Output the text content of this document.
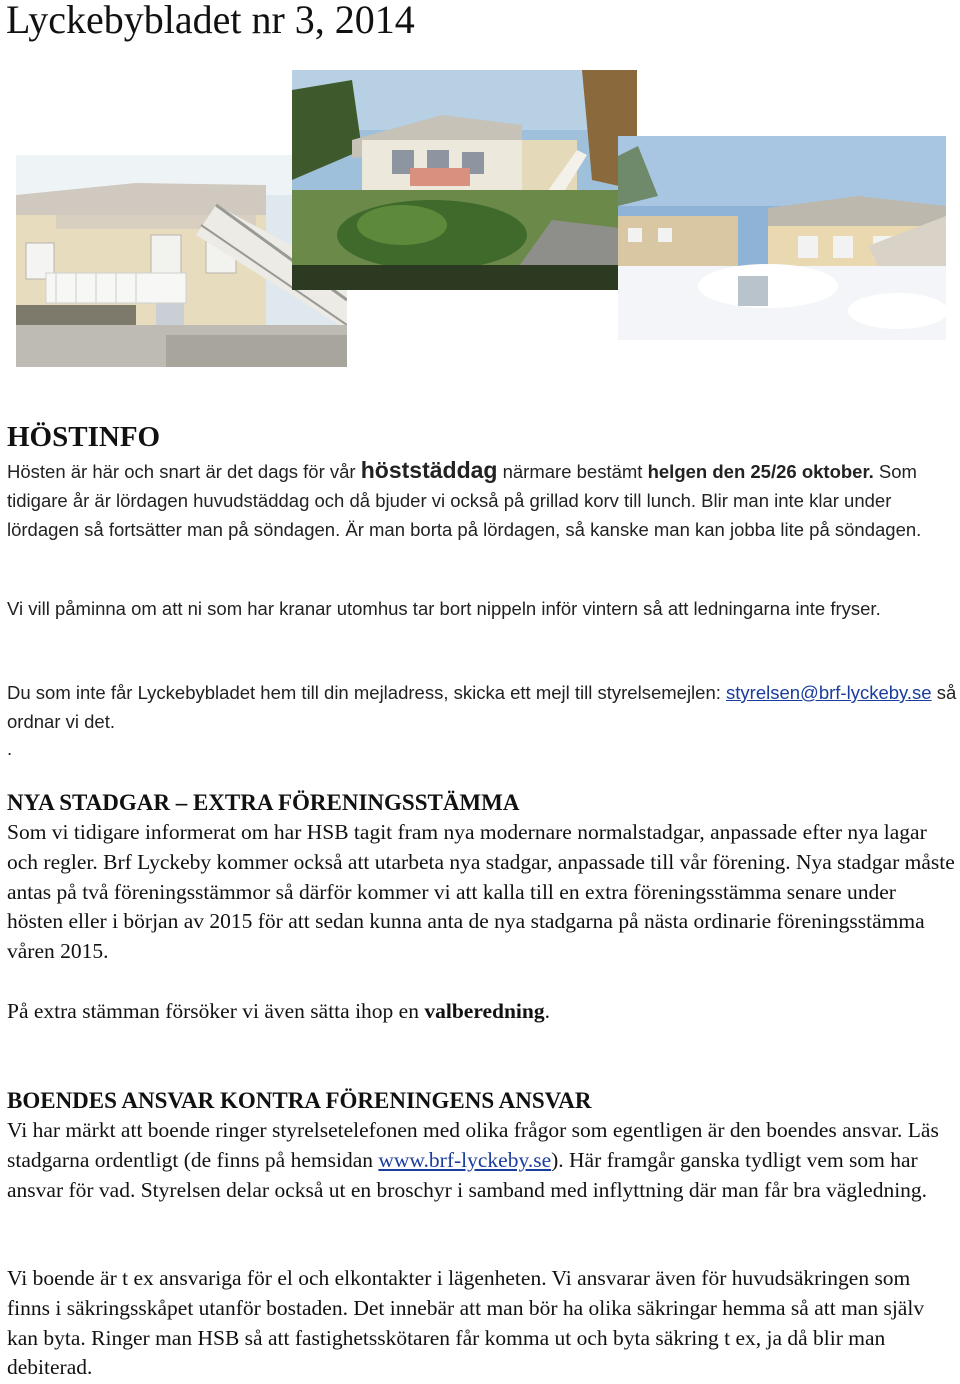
Lyckebybladet nr 3, 2014
HÖSTINFO

Hösten är här och snart är det dags för vår höststäddag närmare bestämt helgen den 25/26 oktober. Som tidigare år är lördagen huvudstäddag och då bjuder vi också på grillad korv till lunch. Blir man inte klar under lördagen så fortsätter man på söndagen. Är man borta på lördagen, så kanske man kan jobba lite på söndagen.

Vi vill påminna om att ni som har kranar utomhus tar bort nippeln inför vintern så att ledningarna inte fryser.

Du som inte får Lyckebybladet hem till din mejladress, skicka ett mejl till styrelsemejlen: styrelsen@brf-lyckeby.se så ordnar vi det.

.

NYA STADGAR – EXTRA FÖRENINGSSTÄMMA

Som vi tidigare informerat om har HSB tagit fram nya modernare normalstadgar, anpassade efter nya lagar och regler. Brf Lyckeby kommer också att utarbeta nya stadgar, anpassade till vår förening. Nya stadgar måste antas på två föreningsstämmor så därför kommer vi att kalla till en extra föreningsstämma senare under hösten eller i början av 2015 för att sedan kunna anta de nya stadgarna på nästa ordinarie föreningsstämma våren 2015.

På extra stämman försöker vi även sätta ihop en valberedning.

BOENDES ANSVAR KONTRA FÖRENINGENS ANSVAR

Vi har märkt att boende ringer styrelsetelefonen med olika frågor som egentligen är den boendes ansvar. Läs stadgarna ordentligt (de finns på hemsidan www.brf-lyckeby.se). Här framgår ganska tydligt vem som har ansvar för vad. Styrelsen delar också ut en broschyr i samband med inflyttning där man får bra vägledning.

Vi boende är t ex ansvariga för el och elkontakter i lägenheten. Vi ansvarar även för huvudsäkringen som finns i säkringsskåpet utanför bostaden. Det innebär att man bör ha olika säkringar hemma så att man själv kan byta. Ringer man HSB så att fastighetsskötaren får komma ut och byta säkring t ex, ja då blir man debiterad.
